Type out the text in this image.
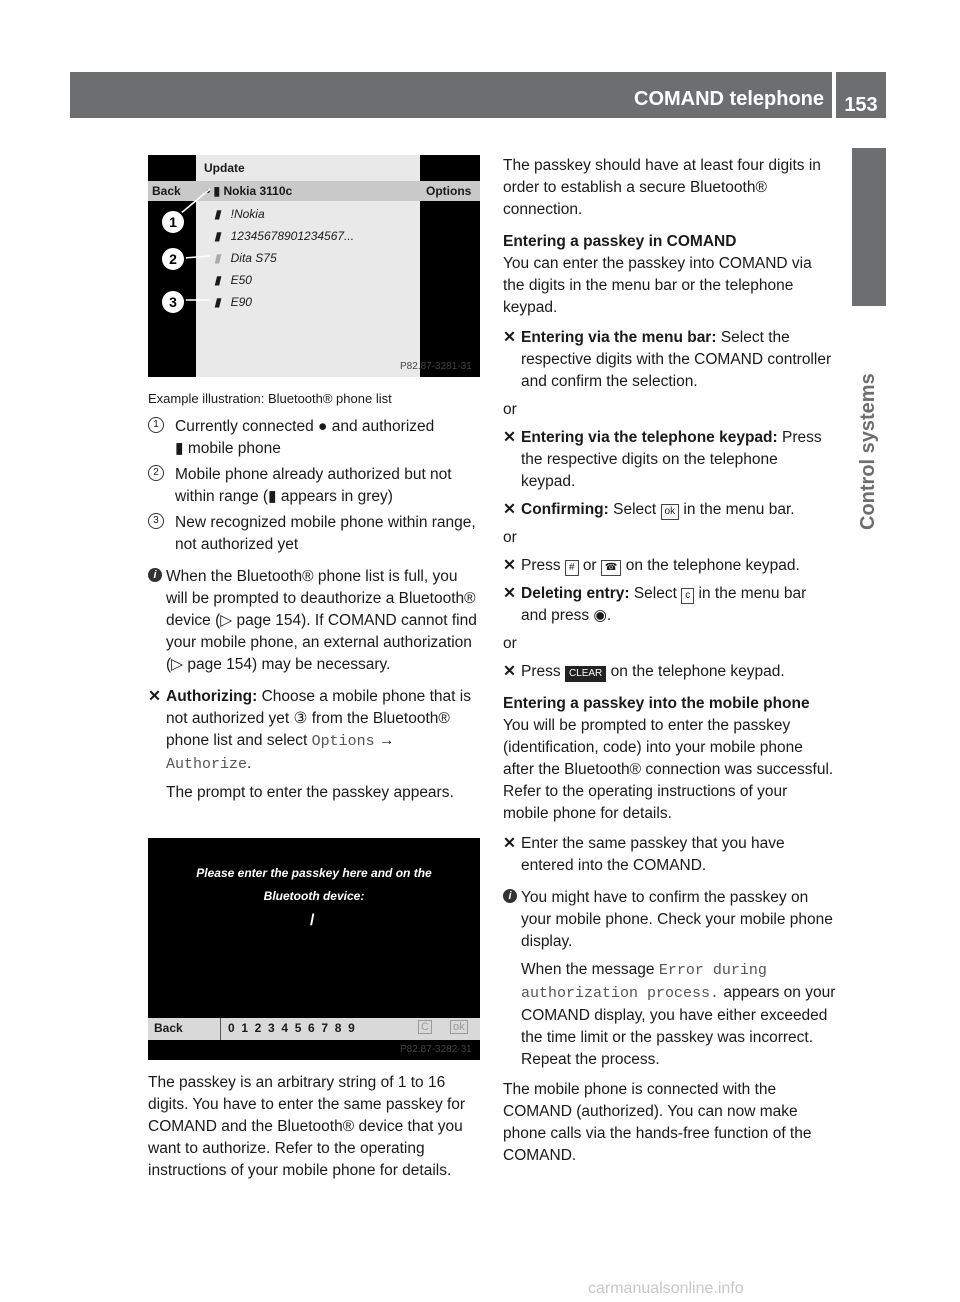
COMAND telephone	153
Control systems
Update
Back	Options
• ▮ Nokia 3110c
▮   !Nokia
▮   12345678901234567...
▮   Dita S75
▮   E50
▮   E90
1
2
3
P82.87-3281-31

Example illustration: Bluetooth® phone list

1	Currently connected ● and authorized
▮ mobile phone
2	Mobile phone already authorized but not within range (▮ appears in grey)
3	New recognized mobile phone within range, not authorized yet
i When the Bluetooth® phone list is full, you will be prompted to deauthorize a Bluetooth® device (▷ page 154). If COMAND cannot find your mobile phone, an external authorization (▷ page 154) may be necessary.
✕ Authorizing: Choose a mobile phone that is not authorized yet ③ from the Bluetooth® phone list and select Options → Authorize.

The prompt to enter the passkey appears.

Please enter the passkey here and on the
Bluetooth device:
/
Back	0  1  2  3  4  5  6  7  8  9	C ok
P82.87-3282-31

The passkey is an arbitrary string of 1 to 16 digits. You have to enter the same passkey for COMAND and the Bluetooth® device that you want to authorize. Refer to the operating instructions of your mobile phone for details.

The passkey should have at least four digits in order to establish a secure Bluetooth® connection.

Entering a passkey in COMAND

You can enter the passkey into COMAND via the digits in the menu bar or the telephone keypad.

✕ Entering via the menu bar: Select the respective digits with the COMAND controller and confirm the selection.

or

✕ Entering via the telephone keypad: Press the respective digits on the telephone keypad.
✕ Confirming: Select ok in the menu bar.

or

✕ Press # or ☎ on the telephone keypad.
✕ Deleting entry: Select c in the menu bar and press ◉.

or

✕ Press CLEAR on the telephone keypad.

Entering a passkey into the mobile phone

You will be prompted to enter the passkey (identification, code) into your mobile phone after the Bluetooth® connection was successful. Refer to the operating instructions of your mobile phone for details.

✕ Enter the same passkey that you have entered into the COMAND.
i You might have to confirm the passkey on your mobile phone. Check your mobile phone display.

When the message Error during authorization process. appears on your COMAND display, you have either exceeded the time limit or the passkey was incorrect. Repeat the process.

The mobile phone is connected with the COMAND (authorized). You can now make phone calls via the hands-free function of the COMAND.

carmanualsonline.info
